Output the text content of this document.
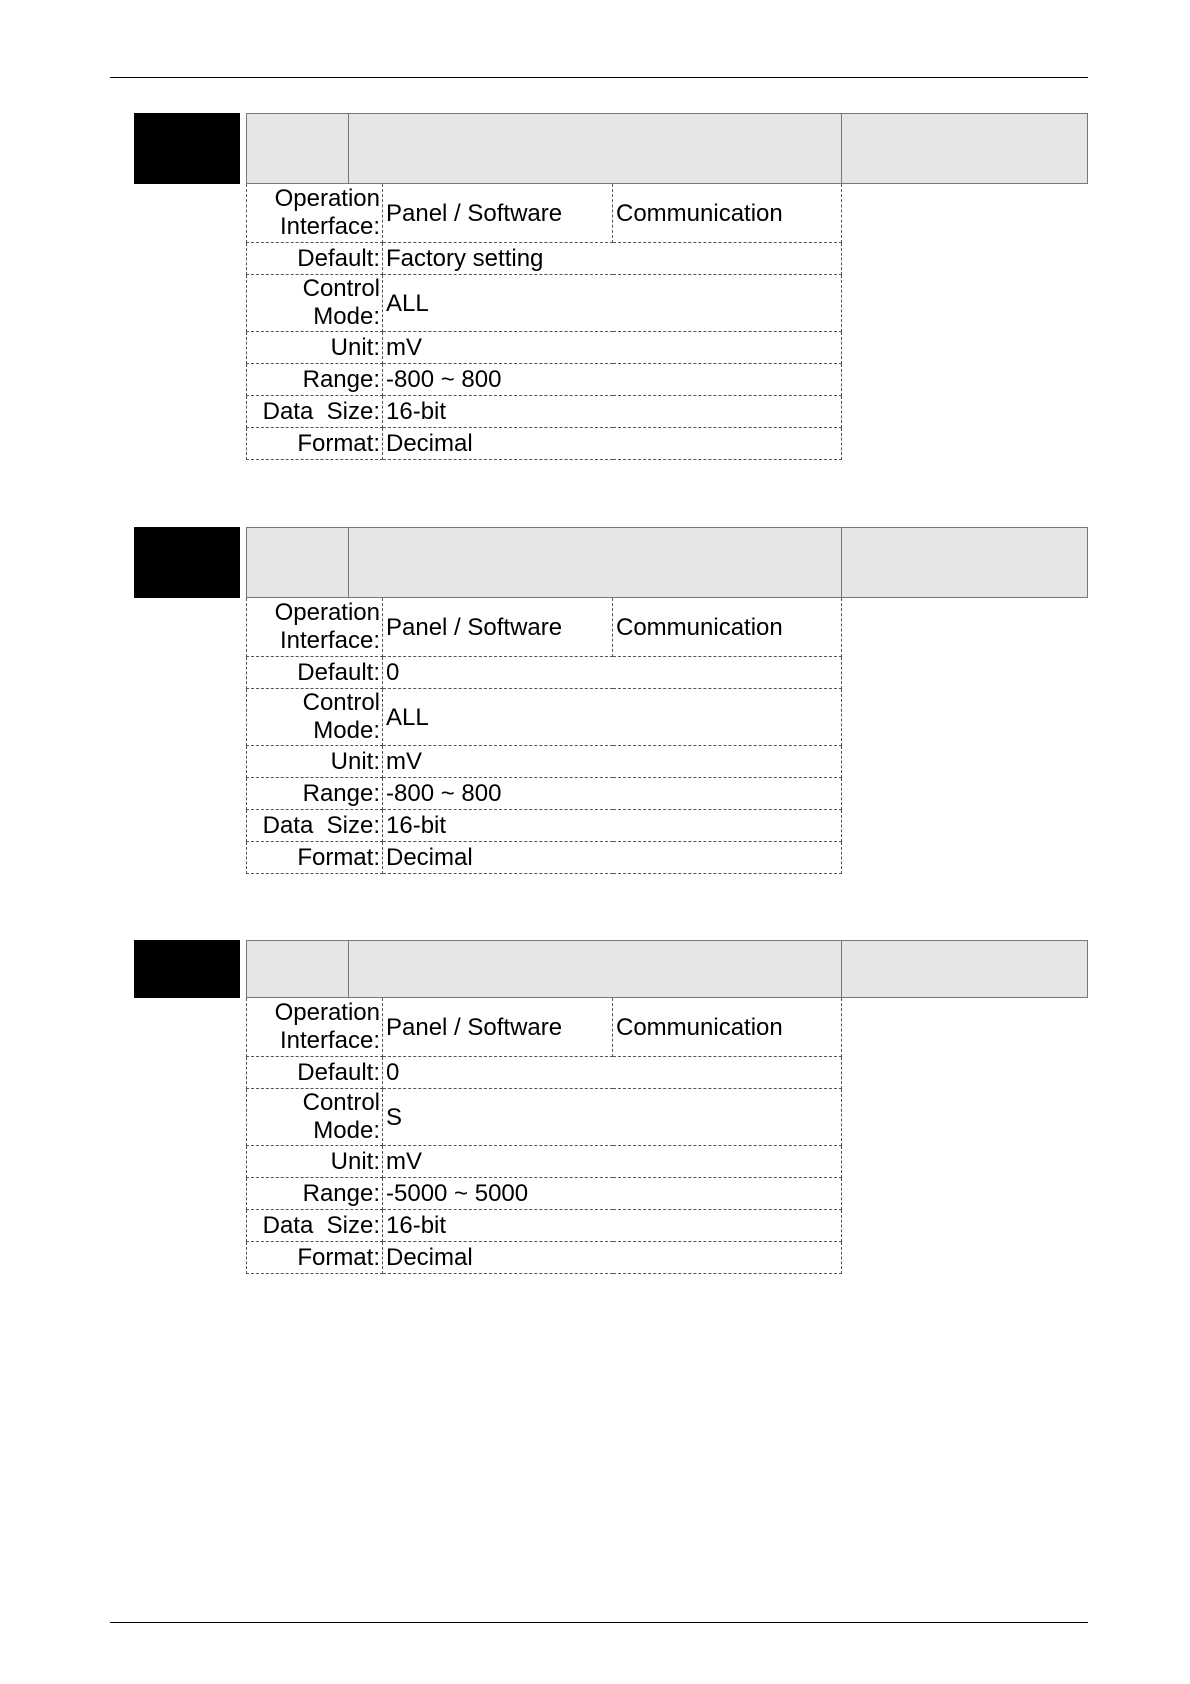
Operation
Interface:	Panel / Software	Communication
Default:	Factory setting	
Control
Mode:	ALL	
Unit:	mV	
Range:	-800 ~ 800	
Data  Size:	16-bit	
Format:	Decimal	
Operation
Interface:	Panel / Software	Communication
Default:	0	
Control
Mode:	ALL	
Unit:	mV	
Range:	-800 ~ 800	
Data  Size:	16-bit	
Format:	Decimal	
Operation
Interface:	Panel / Software	Communication
Default:	0	
Control
Mode:	S	
Unit:	mV	
Range:	-5000 ~ 5000	
Data  Size:	16-bit	
Format:	Decimal	
